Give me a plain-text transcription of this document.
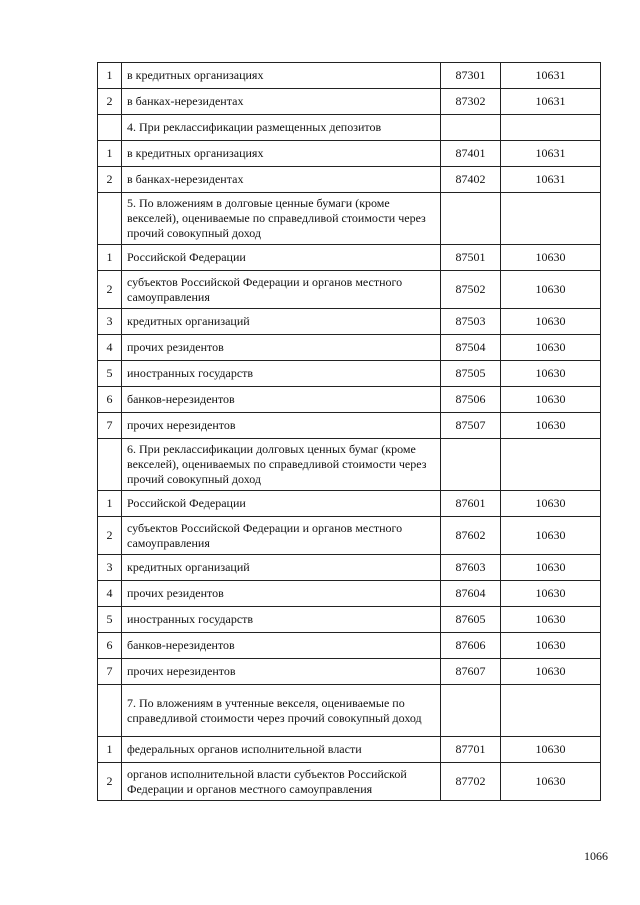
1	в кредитных организациях	87301	10631
2	в банках-нерезидентах	87302	10631
	4. При реклассификации размещенных депозитов		
1	в кредитных организациях	87401	10631
2	в банках-нерезидентах	87402	10631
	5. По вложениям в долговые ценные бумаги (кроме векселей), оцениваемые по справедливой стоимости через прочий совокупный доход		
1	Российской Федерации	87501	10630
2	субъектов Российской Федерации и органов местного самоуправления	87502	10630
3	кредитных организаций	87503	10630
4	прочих резидентов	87504	10630
5	иностранных государств	87505	10630
6	банков-нерезидентов	87506	10630
7	прочих нерезидентов	87507	10630
	6. При реклассификации долговых ценных бумаг (кроме векселей), оцениваемых по справедливой стоимости через прочий совокупный доход		
1	Российской Федерации	87601	10630
2	субъектов Российской Федерации и органов местного самоуправления	87602	10630
3	кредитных организаций	87603	10630
4	прочих резидентов	87604	10630
5	иностранных государств	87605	10630
6	банков-нерезидентов	87606	10630
7	прочих нерезидентов	87607	10630
	7. По вложениям в учтенные векселя, оцениваемые по справедливой стоимости через прочий совокупный доход		
1	федеральных органов исполнительной власти	87701	10630
2	органов исполнительной власти субъектов Российской Федерации и органов местного самоуправления	87702	10630
1066
